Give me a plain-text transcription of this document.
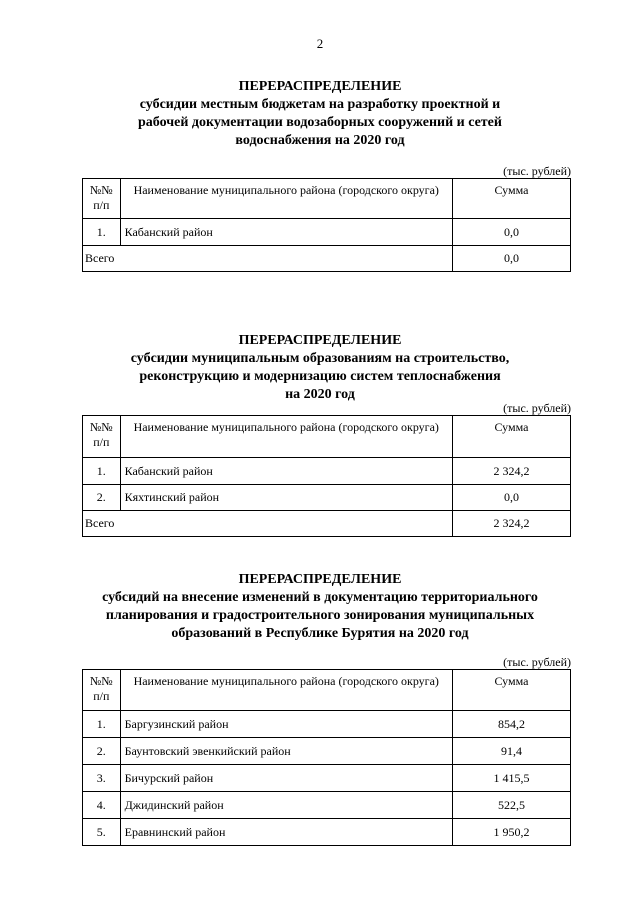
2

ПЕРЕРАСПРЕДЕЛЕНИЕ

субсидии местным бюджетам на разработку проектной и

рабочей документации водозаборных сооружений и сетей

водоснабжения на 2020 год

(тыс. рублей)
№№ п/п	Наименование муниципального района (городского округа)	Сумма
1.	Кабанский район	0,0
Всего		0,0

ПЕРЕРАСПРЕДЕЛЕНИЕ

субсидии муниципальным образованиям на строительство,

реконструкцию и модернизацию систем теплоснабжения

на 2020 год

(тыс. рублей)
№№ п/п	Наименование муниципального района (городского округа)	Сумма
1.	Кабанский район	2 324,2
2.	Кяхтинский район	0,0
Всего		2 324,2

ПЕРЕРАСПРЕДЕЛЕНИЕ

субсидий на внесение изменений в документацию территориального

планирования и градостроительного зонирования муниципальных

образований в Республике Бурятия на 2020 год

(тыс. рублей)
№№ п/п	Наименование муниципального района (городского округа)	Сумма
1.	Баргузинский район	854,2
2.	Баунтовский эвенкийский район	91,4
3.	Бичурский район	1 415,5
4.	Джидинский район	522,5
5.	Еравнинский район	1 950,2
